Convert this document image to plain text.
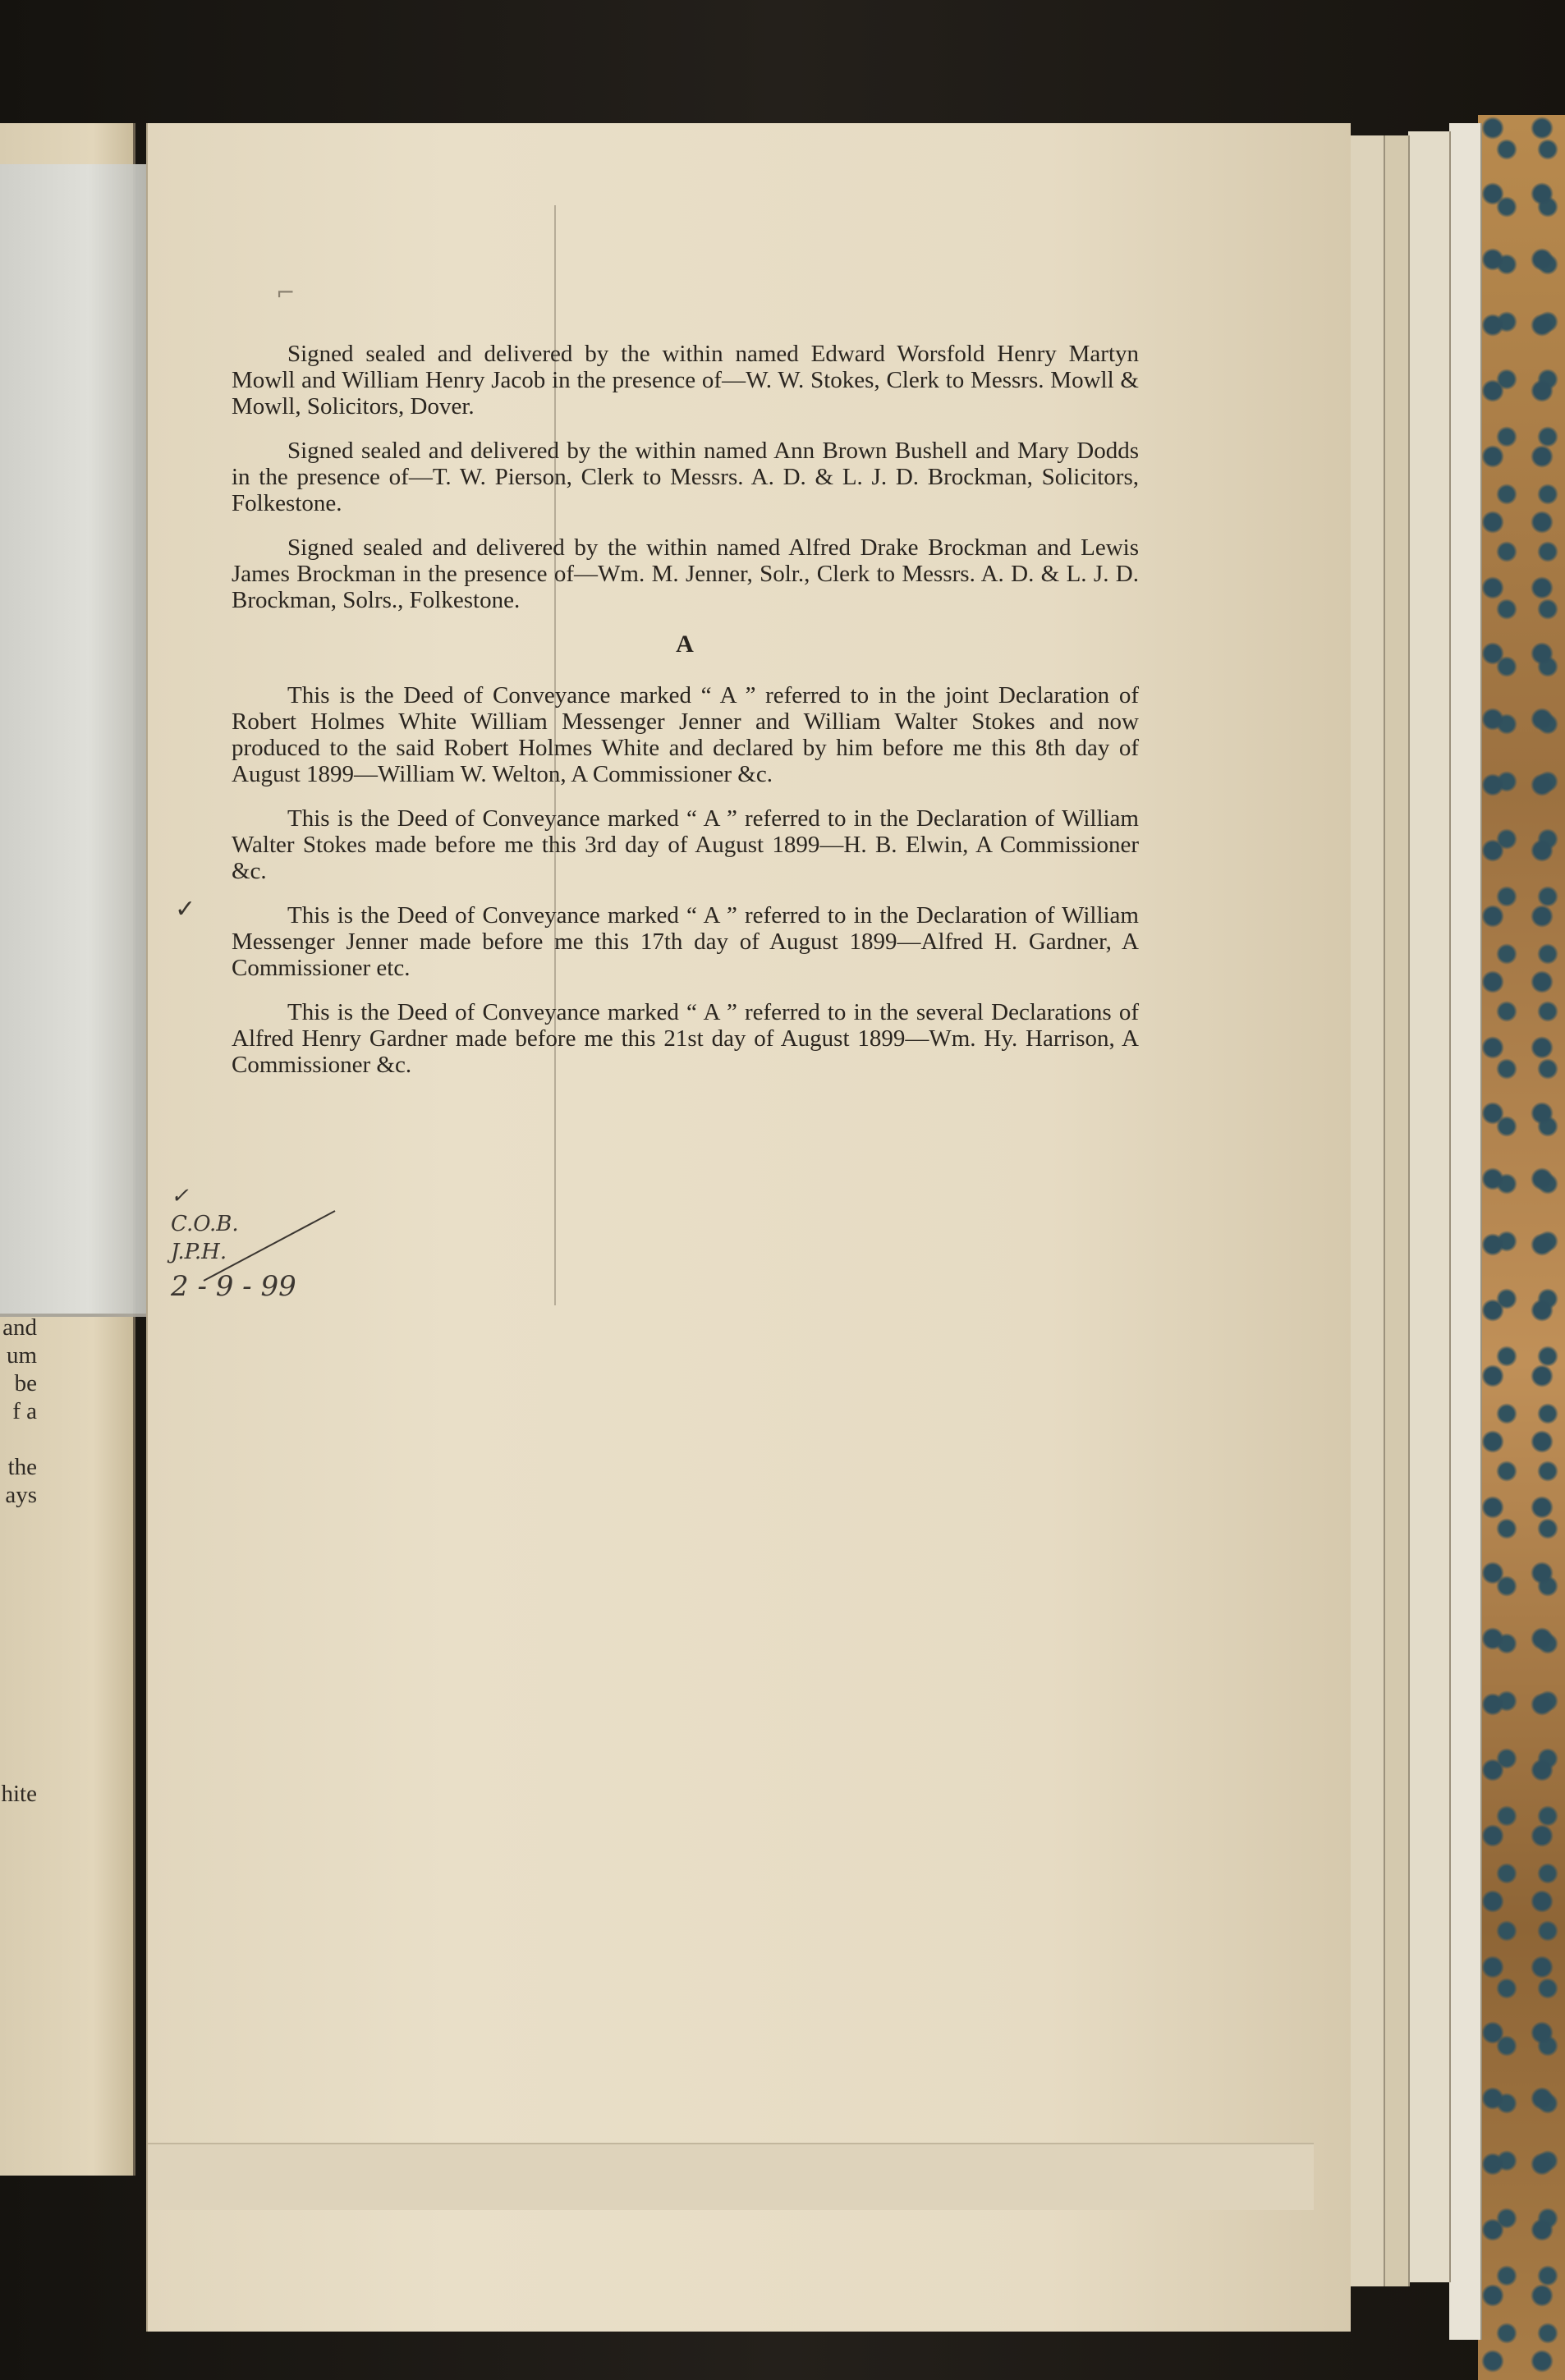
and
um
be
f a
the
ays
hite
⌐

Signed sealed and delivered by the within named Edward Worsfold Henry Martyn Mowll and William Henry Jacob in the presence of—W. W. Stokes, Clerk to Messrs. Mowll & Mowll, Solicitors, Dover.

Signed sealed and delivered by the within named Ann Brown Bushell and Mary Dodds in the presence of—T. W. Pierson, Clerk to Messrs. A. D. & L. J. D. Brockman, Solicitors, Folkestone.

Signed sealed and delivered by the within named Alfred Drake Brockman and Lewis James Brockman in the presence of—Wm. M. Jenner, Solr., Clerk to Messrs. A. D. & L. J. D. Brockman, Solrs., Folkestone.

A

This is the Deed of Conveyance marked “ A ” referred to in the joint Declaration of Robert Holmes White William Messenger Jenner and William Walter Stokes and now produced to the said Robert Holmes White and declared by him before me this 8th day of August 1899—William W. Welton, A Commissioner &c.

This is the Deed of Conveyance marked “ A ” referred to in the Declaration of William Walter Stokes made before me this 3rd day of August 1899—H. B. Elwin, A Commissioner &c.

This is the Deed of Conveyance marked “ A ” referred to in the Declaration of William Messenger Jenner made before me this 17th day of August 1899—Alfred H. Gardner, A Commissioner etc.

This is the Deed of Conveyance marked “ A ” referred to in the several Declarations of Alfred Henry Gardner made before me this 21st day of August 1899—Wm. Hy. Harrison, A Commissioner &c.

✓
✓
C.O.B.
J.P.H.
2 - 9 - 99
